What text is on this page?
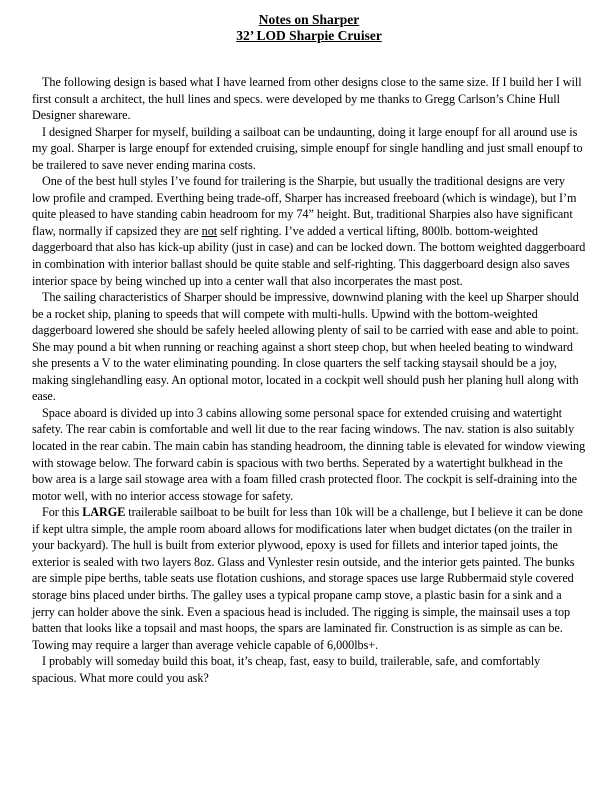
Notes on Sharper

32’ LOD Sharpie Cruiser

The following design is based what I have learned from other designs close to the same size. If I build her I will first consult a architect, the hull lines and specs. were developed by me thanks to Gregg Carlson’s Chine Hull Designer shareware.

I designed Sharper for myself, building a sailboat can be undaunting, doing it large enoupf for all around use is my goal. Sharper is large enoupf for extended cruising, simple enoupf for single handling and just small enoupf to be trailered to save never ending marina costs.

One of the best hull styles I’ve found for trailering is the Sharpie, but usually the traditional designs are very low profile and cramped. Everthing being trade-off, Sharper has increased freeboard (which is windage), but I’m quite pleased to have standing cabin headroom for my 74” height. But, traditional Sharpies also have significant flaw, normally if capsized they are not self righting. I’ve added a vertical lifting, 800lb. bottom-weighted daggerboard that also has kick-up ability (just in case) and can be locked down. The bottom weighted daggerboard in combination with interior ballast should be quite stable and self-righting. This daggerboard design also saves interior space by being winched up into a center wall that also incorperates the mast post.

The sailing characteristics of Sharper should be impressive, downwind planing with the keel up Sharper should be a rocket ship, planing to speeds that will compete with multi-hulls. Upwind with the bottom-weighted daggerboard lowered she should be safely heeled allowing plenty of sail to be carried with ease and able to point. She may pound a bit when running or reaching against a short steep chop, but when heeled beating to windward she presents a V to the water eliminating pounding. In close quarters the self tacking staysail should be a joy, making singlehandling easy. An optional motor, located in a cockpit well should push her planing hull along with ease.

Space aboard is divided up into 3 cabins allowing some personal space for extended cruising and watertight safety. The rear cabin is comfortable and well lit due to the rear facing windows. The nav. station is also suitably located in the rear cabin. The main cabin has standing headroom, the dinning table is elevated for window viewing with stowage below. The forward cabin is spacious with two berths. Seperated by a watertight bulkhead in the bow area is a large sail stowage area with a foam filled crash protected floor. The cockpit is self-draining into the motor well, with no interior access stowage for safety.

For this LARGE trailerable sailboat to be built for less than 10k will be a challenge, but I believe it can be done if kept ultra simple, the ample room aboard allows for modifications later when budget dictates (on the trailer in your backyard). The hull is built from exterior plywood, epoxy is used for fillets and interior taped joints, the exterior is sealed with two layers 8oz. Glass and Vynlester resin outside, and the interior gets painted. The bunks are simple pipe berths, table seats use flotation cushions, and storage spaces use large Rubbermaid style covered storage bins placed under births. The galley uses a typical propane camp stove, a plastic basin for a sink and a jerry can holder above the sink. Even a spacious head is included. The rigging is simple, the mainsail uses a top batten that looks like a topsail and mast hoops, the spars are laminated fir. Construction is as simple as can be. Towing may require a larger than average vehicle capable of 6,000lbs+.

I probably will someday build this boat, it’s cheap, fast, easy to build, trailerable, safe, and comfortably spacious. What more could you ask?
